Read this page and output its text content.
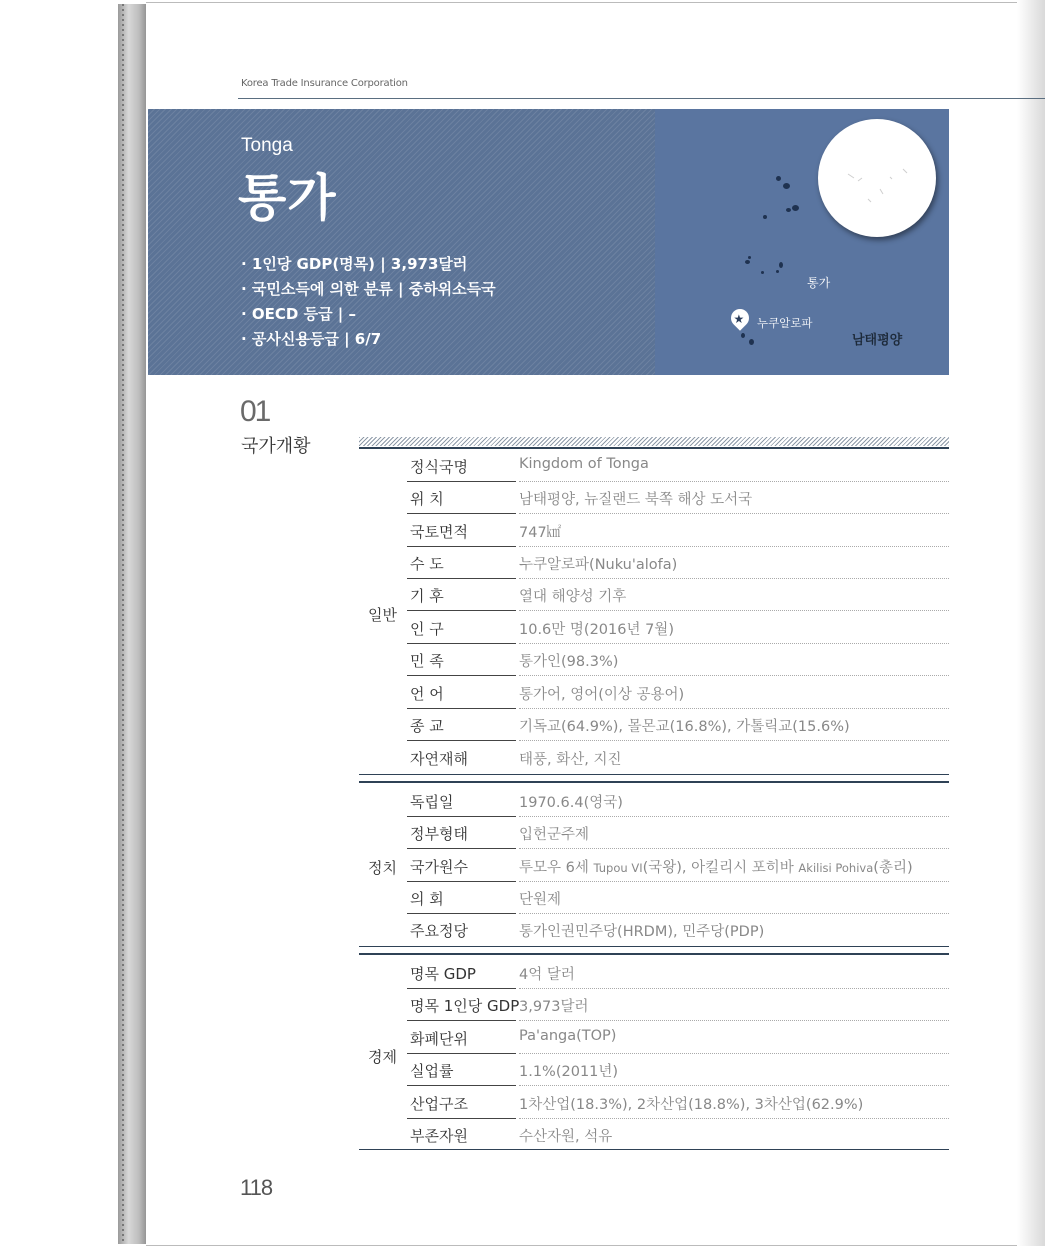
Korea Trade Insurance Corporation
Tonga
통가
· 1인당 GDP(명목) | 3,973달러
· 국민소득에 의한 분류 | 중하위소득국
· OECD 등급 | –
· 공사신용등급 | 6/7
통가
★ 누쿠알로파
남태평양
01
국가개황
일반
정식국명	Kingdom of Tonga
위 치	남태평양, 뉴질랜드 북쪽 해상 도서국
국토면적	747㎢
수 도	누쿠알로파(Nuku'alofa)
기 후	열대 해양성 기후
인 구	10.6만 명(2016년 7월)
민 족	통가인(98.3%)
언 어	통가어, 영어(이상 공용어)
종 교	기독교(64.9%), 몰몬교(16.8%), 가톨릭교(15.6%)
자연재해	태풍, 화산, 지진
정치
독립일	1970.6.4(영국)
정부형태	입헌군주제
국가원수	투모우 6세 Tupou VI(국왕), 아킬리시 포히바 Akilisi Pohiva(총리)
의 회	단원제
주요정당	통가인권민주당(HRDM), 민주당(PDP)
경제
명목 GDP	4억 달러
명목 1인당 GDP 3,973달러
화폐단위	Pa'anga(TOP)
실업률	1.1%(2011년)
산업구조	1차산업(18.3%), 2차산업(18.8%), 3차산업(62.9%)
부존자원	수산자원, 석유
118
